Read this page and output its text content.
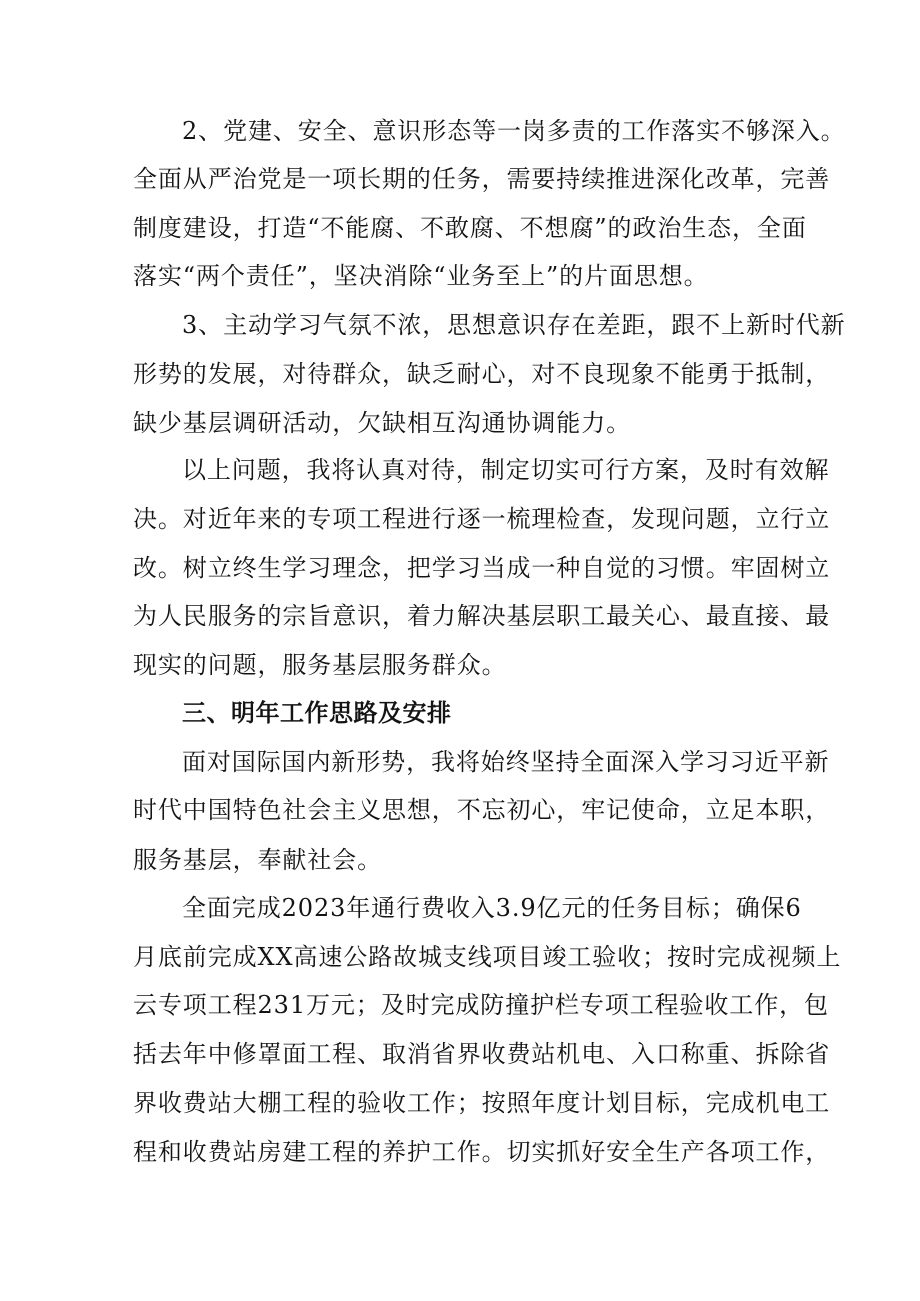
2、党建、安全、意识形态等一岗多责的工作落实不够深入。
全面从严治党是一项长期的任务，需要持续推进深化改革，完善
制度建设，打造“不能腐、不敢腐、不想腐”的政治生态，全面
落实“两个责任”，坚决消除“业务至上”的片面思想。
3、主动学习气氛不浓，思想意识存在差距，跟不上新时代新
形势的发展，对待群众，缺乏耐心，对不良现象不能勇于抵制，
缺少基层调研活动，欠缺相互沟通协调能力。
以上问题，我将认真对待，制定切实可行方案，及时有效解
决。对近年来的专项工程进行逐一梳理检查，发现问题，立行立
改。树立终生学习理念，把学习当成一种自觉的习惯。牢固树立
为人民服务的宗旨意识，着力解决基层职工最关心、最直接、最
现实的问题，服务基层服务群众。
三、明年工作思路及安排
面对国际国内新形势，我将始终坚持全面深入学习习近平新
时代中国特色社会主义思想，不忘初心，牢记使命，立足本职，
服务基层，奉献社会。
全面完成2023年通行费收入3.9亿元的任务目标；确保6
月底前完成XX高速公路故城支线项目竣工验收；按时完成视频上
云专项工程231万元；及时完成防撞护栏专项工程验收工作，包
括去年中修罩面工程、取消省界收费站机电、入口称重、拆除省
界收费站大棚工程的验收工作；按照年度计划目标，完成机电工
程和收费站房建工程的养护工作。切实抓好安全生产各项工作，
